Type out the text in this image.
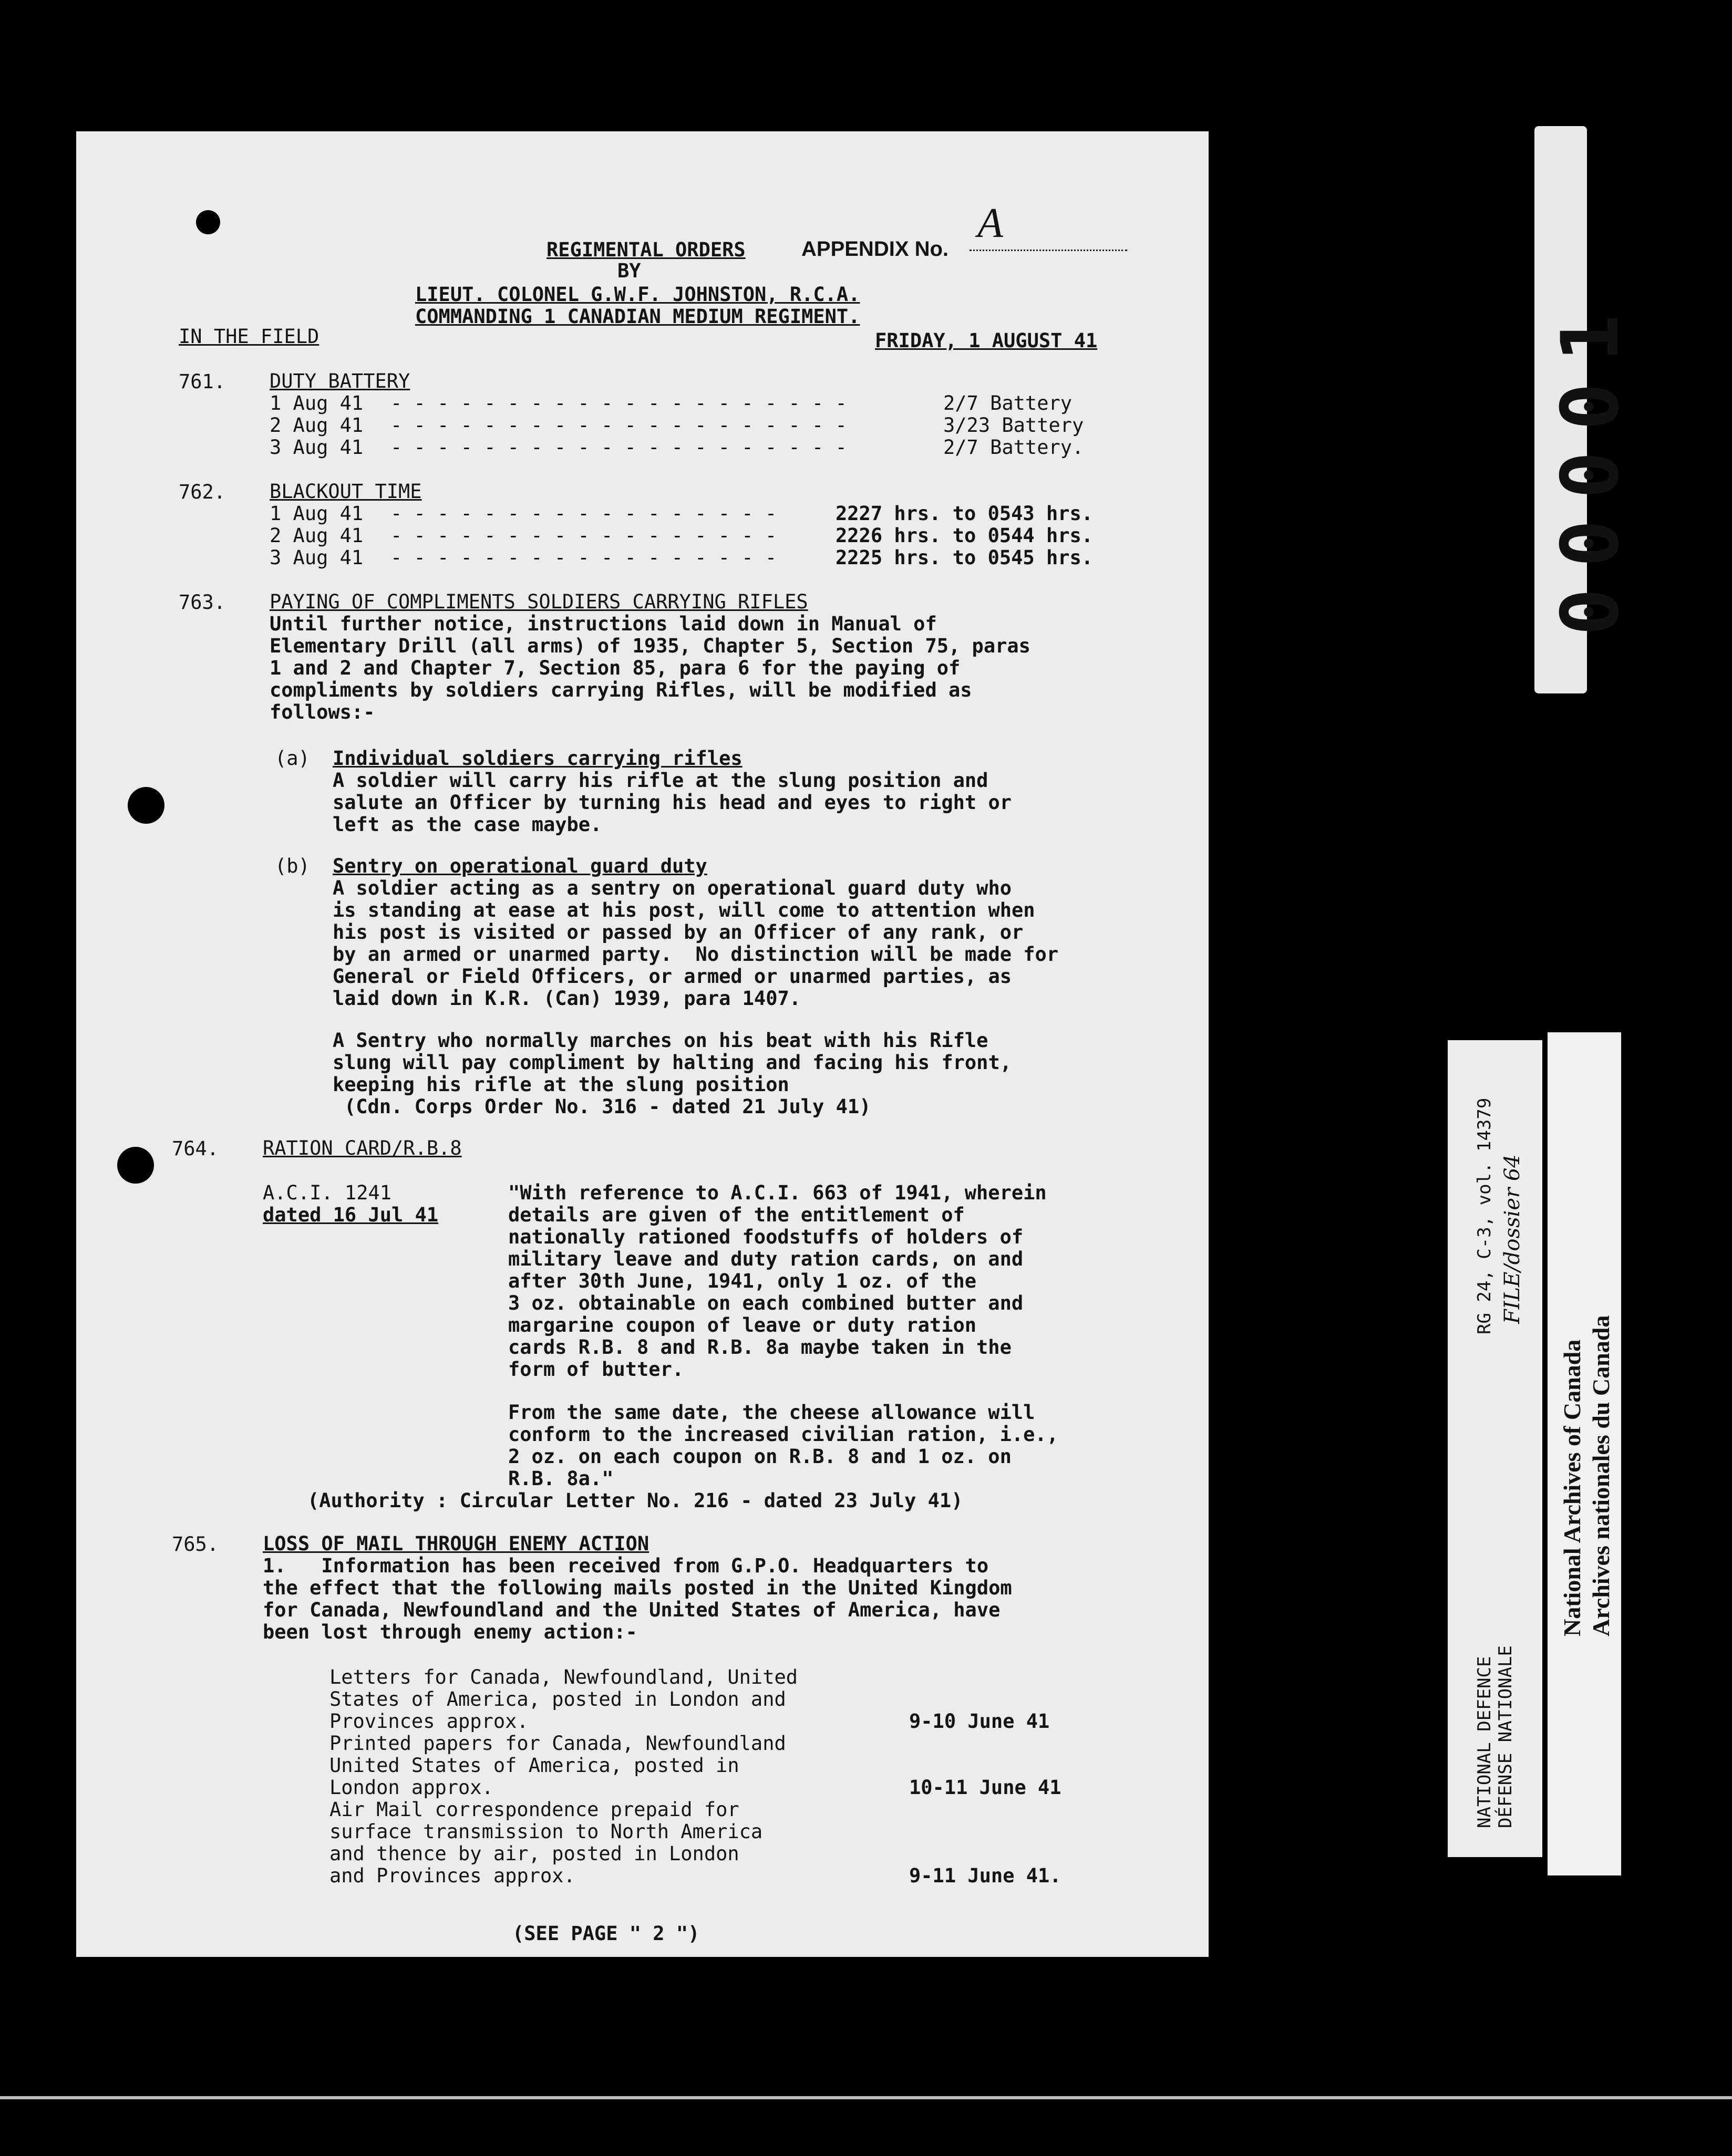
REGIMENTAL ORDERS	APPENDIX No.
A
BY
LIEUT. COLONEL G.W.F. JOHNSTON, R.C.A.
COMMANDING 1 CANADIAN MEDIUM REGIMENT.
IN THE FIELD	FRIDAY, 1 AUGUST 41
761. DUTY BATTERY
1 Aug 41 - - - - - - - - - - - - - - - - - - - -	2/7 Battery
2 Aug 41 - - - - - - - - - - - - - - - - - - - -	3/23 Battery
3 Aug 41 - - - - - - - - - - - - - - - - - - - -	2/7 Battery.
762. BLACKOUT TIME
1 Aug 41 - - - - - - - - - - - - - - - - -	2227 hrs. to 0543 hrs.
2 Aug 41 - - - - - - - - - - - - - - - - -	2226 hrs. to 0544 hrs.
3 Aug 41 - - - - - - - - - - - - - - - - -	2225 hrs. to 0545 hrs.
763. PAYING OF COMPLIMENTS SOLDIERS CARRYING RIFLES
Until further notice, instructions laid down in Manual of
Elementary Drill (all arms) of 1935, Chapter 5, Section 75, paras
1 and 2 and Chapter 7, Section 85, para 6 for the paying of
compliments by soldiers carrying Rifles, will be modified as
follows:-
(a) Individual soldiers carrying rifles
A soldier will carry his rifle at the slung position and
salute an Officer by turning his head and eyes to right or
left as the case maybe.
(b) Sentry on operational guard duty
A soldier acting as a sentry on operational guard duty who
is standing at ease at his post, will come to attention when
his post is visited or passed by an Officer of any rank, or
by an armed or unarmed party.  No distinction will be made for
General or Field Officers, or armed or unarmed parties, as
laid down in K.R. (Can) 1939, para 1407.
A Sentry who normally marches on his beat with his Rifle
slung will pay compliment by halting and facing his front,
keeping his rifle at the slung position
(Cdn. Corps Order No. 316 - dated 21 July 41)
764. RATION CARD/R.B.8
A.C.I. 1241
dated 16 Jul 41
"With reference to A.C.I. 663 of 1941, wherein
details are given of the entitlement of
nationally rationed foodstuffs of holders of
military leave and duty ration cards, on and
after 30th June, 1941, only 1 oz. of the
3 oz. obtainable on each combined butter and
margarine coupon of leave or duty ration
cards R.B. 8 and R.B. 8a maybe taken in the
form of butter.
From the same date, the cheese allowance will
conform to the increased civilian ration, i.e.,
2 oz. on each coupon on R.B. 8 and 1 oz. on
R.B. 8a."
(Authority : Circular Letter No. 216 - dated 23 July 41)
765. LOSS OF MAIL THROUGH ENEMY ACTION
1.   Information has been received from G.P.O. Headquarters to
the effect that the following mails posted in the United Kingdom
for Canada, Newfoundland and the United States of America, have
been lost through enemy action:-
Letters for Canada, Newfoundland, United
States of America, posted in London and
Provinces approx.	9-10 June 41
Printed papers for Canada, Newfoundland
United States of America, posted in
London approx.	10-11 June 41
Air Mail correspondence prepaid for
surface transmission to North America
and thence by air, posted in London
and Provinces approx.	9-11 June 41.
(SEE PAGE " 2 ")
00001
RG 24, C-3, vol. 14379 FILE/dossier 64
NATIONAL DEFENCE DÉFENSE NATIONALE
National Archives of Canada Archives nationales du Canada
